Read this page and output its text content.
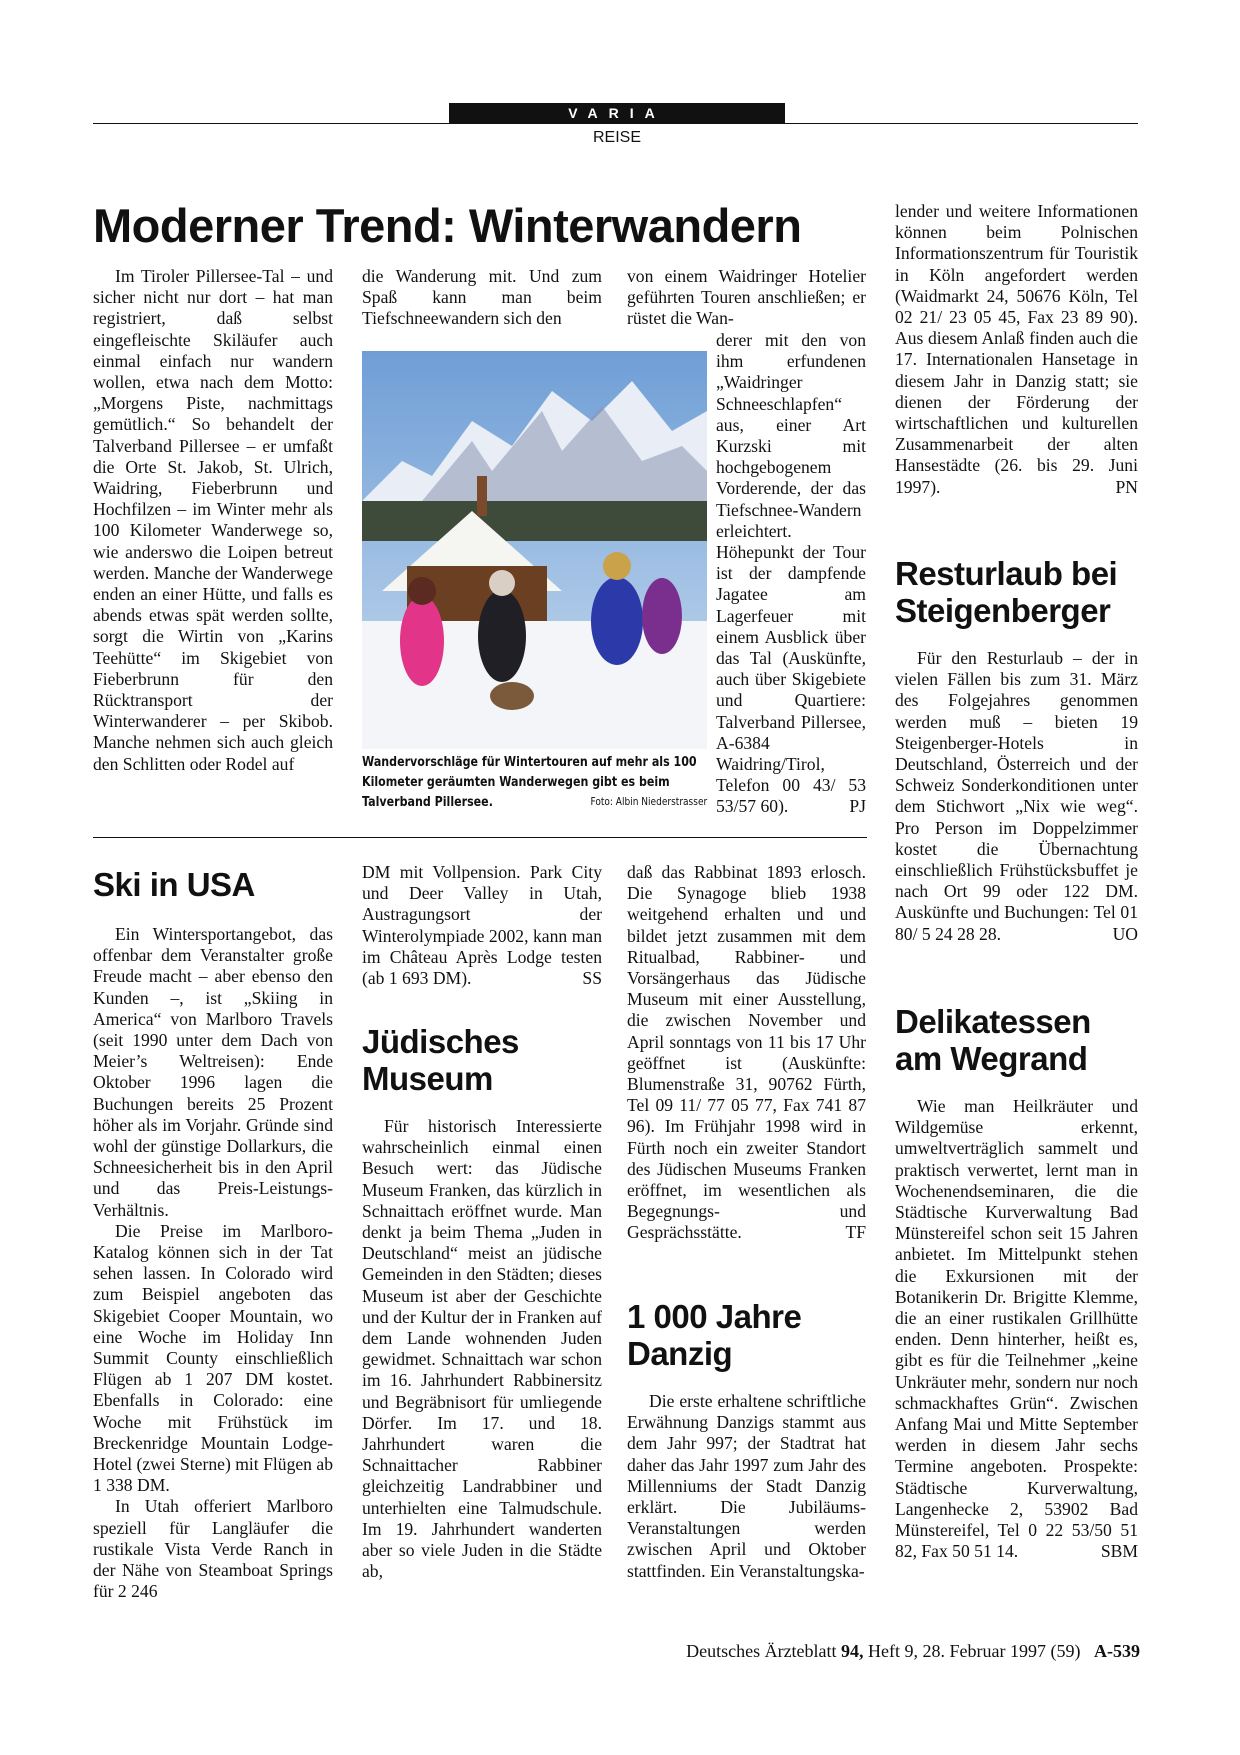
VARIA
REISE
Moderner Trend: Winterwandern

Im Tiroler Pillersee-Tal – und sicher nicht nur dort – hat man registriert, daß selbst eingefleischte Skiläufer auch einmal einfach nur wandern wollen, etwa nach dem Motto: „Morgens Piste, nachmittags gemütlich.“ So behandelt der Talverband Pillersee – er umfaßt die Orte St. Jakob, St. Ulrich, Waidring, Fieberbrunn und Hochfilzen – im Winter mehr als 100 Kilometer Wanderwege so, wie anderswo die Loipen betreut werden. Manche der Wanderwege enden an einer Hütte, und falls es abends etwas spät werden sollte, sorgt die Wirtin von „Karins Teehütte“ im Skigebiet von Fieberbrunn für den Rücktransport der Winterwanderer – per Skibob. Manche nehmen sich auch gleich den Schlitten oder Rodel auf

die Wanderung mit. Und zum Spaß kann man beim Tiefschneewandern sich den

Wandervorschläge für Wintertouren auf mehr als 100 Kilometer geräumten Wanderwegen gibt es beim Talverband Pillersee.	Foto: Albin Niederstrasser

von einem Waidringer Hotelier geführten Touren anschließen; er rüstet die Wan-

derer mit den von ihm erfundenen „Waidringer Schneeschlapfen“ aus, einer Art Kurzski mit hochgebogenem Vorderende, der das Tiefschnee-Wandern erleichtert. Höhepunkt der Tour ist der dampfende Jagatee am Lagerfeuer mit einem Ausblick über das Tal (Auskünfte, auch über Skigebiete und Quartiere: Talverband Pillersee, A-6384 Waidring/Tirol, Telefon 00 43/ 53 53/57 60).	PJ

lender und weitere Informationen können beim Polnischen Informationszentrum für Touristik in Köln angefordert werden (Waidmarkt 24, 50676 Köln, Tel 02 21/ 23 05 45, Fax 23 89 90). Aus diesem Anlaß finden auch die 17. Internationalen Hansetage in diesem Jahr in Danzig statt; sie dienen der Förderung der wirtschaftlichen und kulturellen Zusammenarbeit der alten Hansestädte (26. bis 29. Juni 1997).	PN

Resturlaub bei Steigenberger

Für den Resturlaub – der in vielen Fällen bis zum 31. März des Folgejahres genommen werden muß – bieten 19 Steigenberger-Hotels in Deutschland, Österreich und der Schweiz Sonderkonditionen unter dem Stichwort „Nix wie weg“. Pro Person im Doppelzimmer kostet die Übernachtung einschließlich Frühstücksbuffet je nach Ort 99 oder 122 DM. Auskünfte und Buchungen: Tel 01 80/ 5 24 28 28.	UO

Delikatessen am Wegrand

Wie man Heilkräuter und Wildgemüse erkennt, umweltverträglich sammelt und praktisch verwertet, lernt man in Wochenendseminaren, die die Städtische Kurverwaltung Bad Münstereifel schon seit 15 Jahren anbietet. Im Mittelpunkt stehen die Exkursionen mit der Botanikerin Dr. Brigitte Klemme, die an einer rustikalen Grillhütte enden. Denn hinterher, heißt es, gibt es für die Teilnehmer „keine Unkräuter mehr, sondern nur noch schmackhaftes Grün“. Zwischen Anfang Mai und Mitte September werden in diesem Jahr sechs Termine angeboten. Prospekte: Städtische Kurverwaltung, Langenhecke 2, 53902 Bad Münstereifel, Tel 0 22 53/50 51 82, Fax 50 51 14.	SBM

Ski in USA

Ein Wintersportangebot, das offenbar dem Veranstalter große Freude macht – aber ebenso den Kunden –, ist „Skiing in America“ von Marlboro Travels (seit 1990 unter dem Dach von Meier’s Weltreisen): Ende Oktober 1996 lagen die Buchungen bereits 25 Prozent höher als im Vorjahr. Gründe sind wohl der günstige Dollarkurs, die Schneesicherheit bis in den April und das Preis-Leistungs-Verhältnis.

Die Preise im Marlboro-Katalog können sich in der Tat sehen lassen. In Colorado wird zum Beispiel angeboten das Skigebiet Cooper Mountain, wo eine Woche im Holiday Inn Summit County einschließlich Flügen ab 1 207 DM kostet. Ebenfalls in Colorado: eine Woche mit Frühstück im Breckenridge Mountain Lodge-Hotel (zwei Sterne) mit Flügen ab 1 338 DM.

In Utah offeriert Marlboro speziell für Langläufer die rustikale Vista Verde Ranch in der Nähe von Steamboat Springs für 2 246

DM mit Vollpension. Park City und Deer Valley in Utah, Austragungsort der Winterolympiade 2002, kann man im Château Après Lodge testen (ab 1 693 DM).	SS

Jüdisches Museum

Für historisch Interessierte wahrscheinlich einmal einen Besuch wert: das Jüdische Museum Franken, das kürzlich in Schnaittach eröffnet wurde. Man denkt ja beim Thema „Juden in Deutschland“ meist an jüdische Gemeinden in den Städten; dieses Museum ist aber der Geschichte und der Kultur der in Franken auf dem Lande wohnenden Juden gewidmet. Schnaittach war schon im 16. Jahrhundert Rabbinersitz und Begräbnisort für umliegende Dörfer. Im 17. und 18. Jahrhundert waren die Schnaittacher Rabbiner gleichzeitig Landrabbiner und unterhielten eine Talmudschule. Im 19. Jahrhundert wanderten aber so viele Juden in die Städte ab,

daß das Rabbinat 1893 erlosch. Die Synagoge blieb 1938 weitgehend erhalten und und bildet jetzt zusammen mit dem Ritualbad, Rabbiner- und Vorsängerhaus das Jüdische Museum mit einer Ausstellung, die zwischen November und April sonntags von 11 bis 17 Uhr geöffnet ist (Auskünfte: Blumenstraße 31, 90762 Fürth, Tel 09 11/ 77 05 77, Fax 741 87 96). Im Frühjahr 1998 wird in Fürth noch ein zweiter Standort des Jüdischen Museums Franken eröffnet, im wesentlichen als Begegnungs- und Gesprächsstätte.	TF

1 000 Jahre Danzig

Die erste erhaltene schriftliche Erwähnung Danzigs stammt aus dem Jahr 997; der Stadtrat hat daher das Jahr 1997 zum Jahr des Millenniums der Stadt Danzig erklärt. Die Jubiläums-Veranstaltungen werden zwischen April und Oktober stattfinden. Ein Veranstaltungska-

Deutsches Ärzteblatt 94, Heft 9, 28. Februar 1997 (59) A-539
